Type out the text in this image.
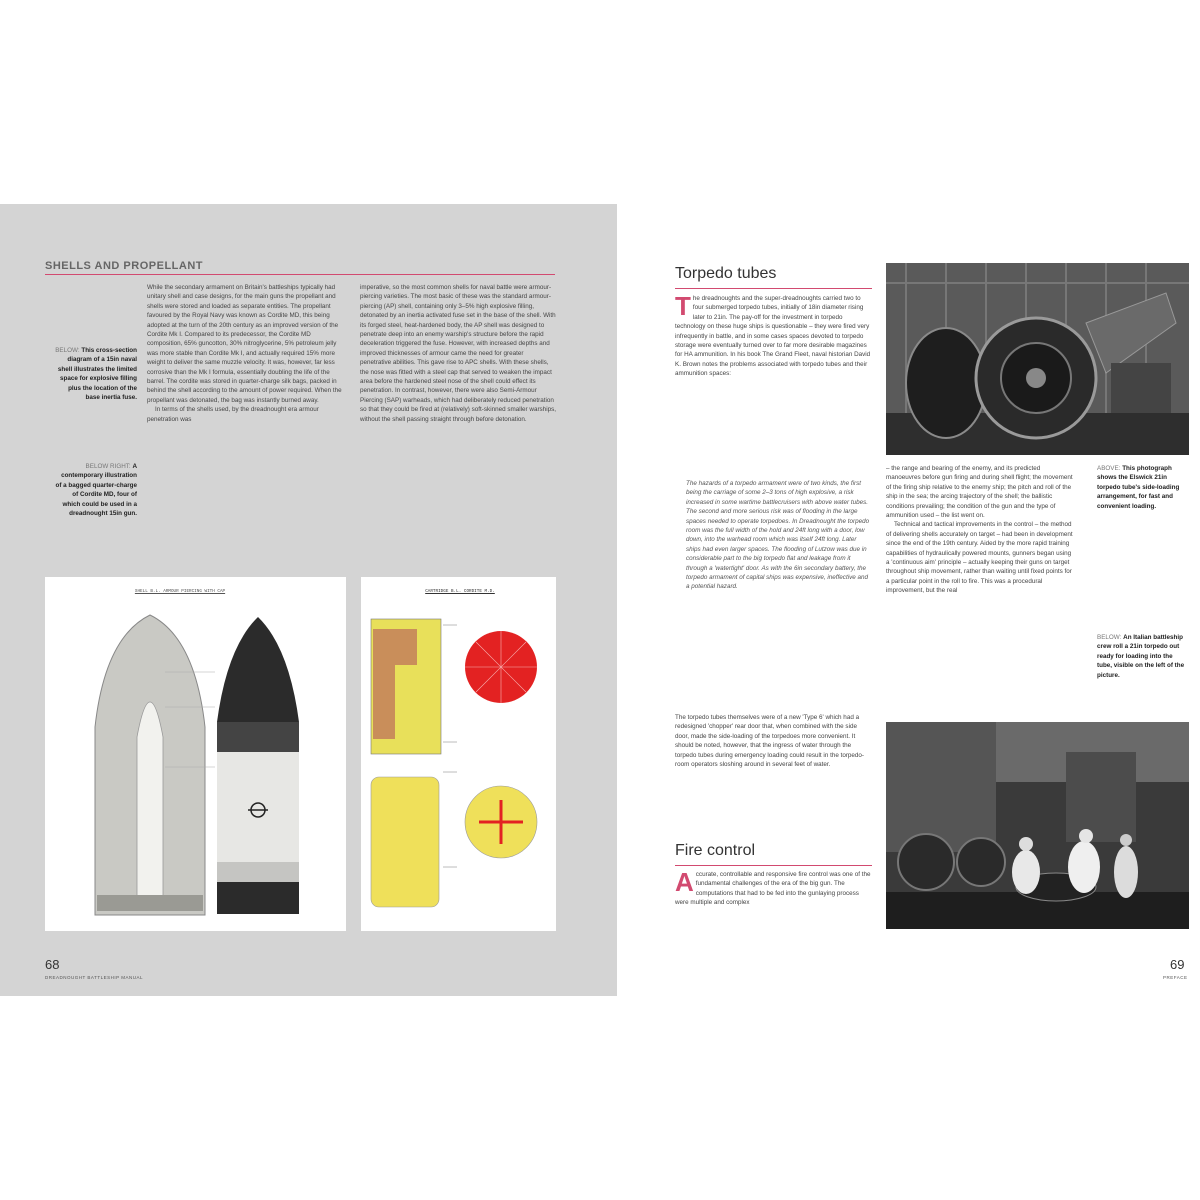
SHELLS AND PROPELLANT
BELOW: This cross-section diagram of a 15in naval shell illustrates the limited space for explosive filling plus the location of the base inertia fuse.
BELOW RIGHT: A contemporary illustration of a bagged quarter-charge of Cordite MD, four of which could be used in a dreadnought 15in gun.

While the secondary armament on Britain's battleships typically had unitary shell and case designs, for the main guns the propellant and shells were stored and loaded as separate entities. The propellant favoured by the Royal Navy was known as Cordite MD, this being adopted at the turn of the 20th century as an improved version of the Cordite Mk I. Compared to its predecessor, the Cordite MD composition, 65% guncotton, 30% nitroglycerine, 5% petroleum jelly was more stable than Cordite Mk I, and actually required 15% more weight to deliver the same muzzle velocity. It was, however, far less corrosive than the Mk I formula, essentially doubling the life of the barrel. The cordite was stored in quarter-charge silk bags, packed in behind the shell according to the amount of power required. When the propellant was detonated, the bag was instantly burned away.

In terms of the shells used, by the dreadnought era armour penetration was

imperative, so the most common shells for naval battle were armour-piercing varieties. The most basic of these was the standard armour-piercing (AP) shell, containing only 3–5% high explosive filling, detonated by an inertia activated fuse set in the base of the shell. With its forged steel, heat-hardened body, the AP shell was designed to penetrate deep into an enemy warship's structure before the rapid deceleration triggered the fuse. However, with increased depths and improved thicknesses of armour came the need for greater penetrative abilities. This gave rise to APC shells. With these shells, the nose was fitted with a steel cap that served to weaken the impact area before the hardened steel nose of the shell could effect its penetration. In contrast, however, there were also Semi-Armour Piercing (SAP) warheads, which had deliberately reduced penetration so that they could be fired at (relatively) soft-skinned smaller warships, without the shell passing straight through before detonation.

SHELL B.L. ARMOUR PIERCING WITH CAP	CARTRIDGE B.L. CORDITE M.D.
68
DREADNOUGHT BATTLESHIP MANUAL
Torpedo tubes
The dreadnoughts and the super-dreadnoughts carried two to four submerged torpedo tubes, initially of 18in diameter rising later to 21in. The pay-off for the investment in torpedo technology on these huge ships is questionable – they were fired very infrequently in battle, and in some cases spaces devoted to torpedo storage were eventually turned over to far more desirable magazines for HA ammunition. In his book The Grand Fleet, naval historian David K. Brown notes the problems associated with torpedo tubes and their ammunition spaces:

The hazards of a torpedo armament were of two kinds, the first being the carriage of some 2–3 tons of high explosive, a risk increased in some wartime battlecruisers with above water tubes. The second and more serious risk was of flooding in the large spaces needed to operate torpedoes. In Dreadnought the torpedo room was the full width of the hold and 24ft long with a door, low down, into the warhead room which was itself 24ft long. Later ships had even larger spaces. The flooding of Lutzow was due in considerable part to the big torpedo flat and leakage from it through a 'watertight' door. As with the 6in secondary battery, the torpedo armament of capital ships was expensive, ineffective and a potential hazard.

The torpedo tubes themselves were of a new 'Type 6' which had a redesigned 'chopper' rear door that, when combined with the side door, made the side-loading of the torpedoes more convenient. It should be noted, however, that the ingress of water through the torpedo tubes during emergency loading could result in the torpedo-room operators sloshing around in several feet of water.

Fire control
Accurate, controllable and responsive fire control was one of the fundamental challenges of the era of the big gun. The computations that had to be fed into the gunlaying process were multiple and complex

– the range and bearing of the enemy, and its predicted manoeuvres before gun firing and during shell flight; the movement of the firing ship relative to the enemy ship; the pitch and roll of the ship in the sea; the arcing trajectory of the shell; the ballistic conditions prevailing; the condition of the gun and the type of ammunition used – the list went on.

Technical and tactical improvements in the control – the method of delivering shells accurately on target – had been in development since the end of the 19th century. Aided by the more rapid training capabilities of hydraulically powered mounts, gunners began using a 'continuous aim' principle – actually keeping their guns on target throughout ship movement, rather than waiting until fixed points for a particular point in the roll to fire. This was a procedural improvement, but the real

ABOVE: This photograph shows the Elswick 21in torpedo tube's side-loading arrangement, for fast and convenient loading.
BELOW: An Italian battleship crew roll a 21in torpedo out ready for loading into the tube, visible on the left of the picture.
69
PREFACE
